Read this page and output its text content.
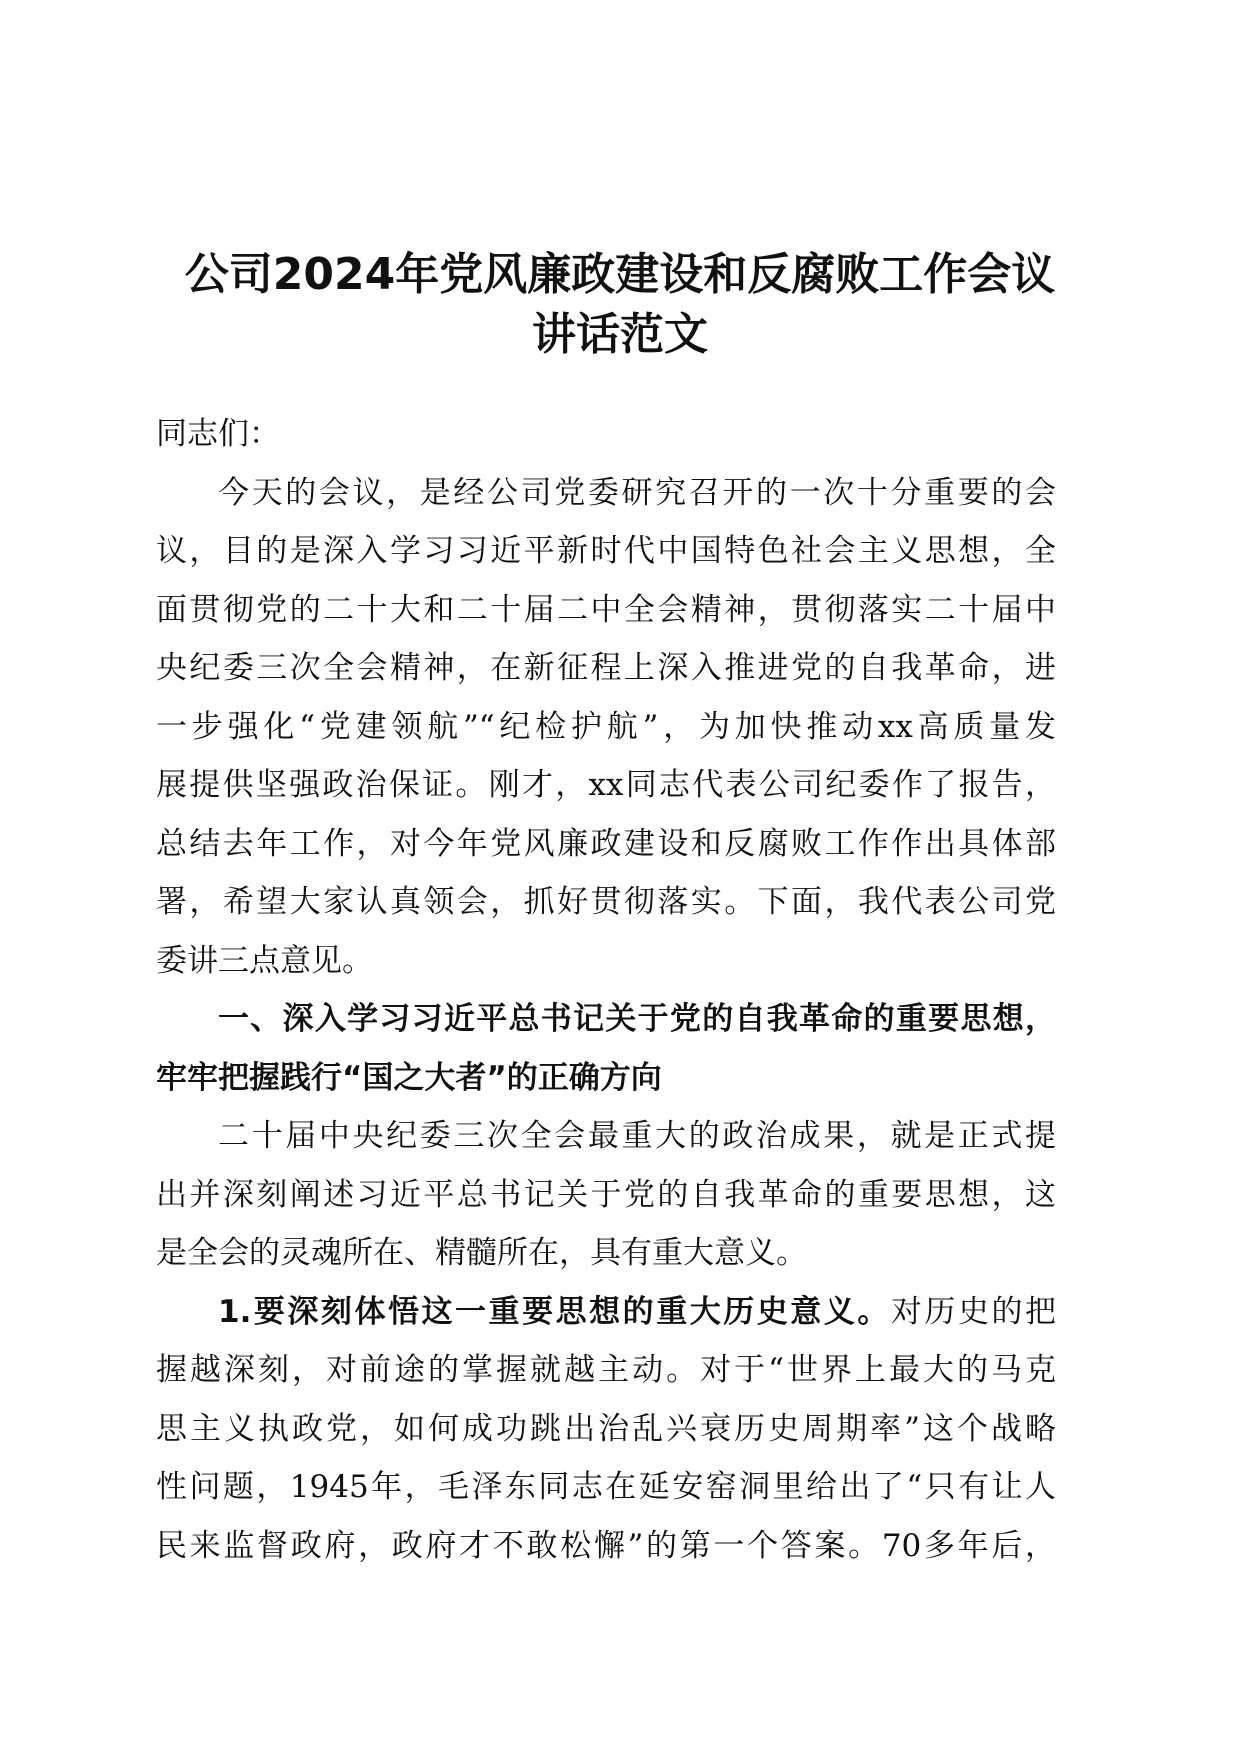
公司2024年党风廉政建设和反腐败工作会议
讲话范文
同志们：
今天的会议，是经公司党委研究召开的一次十分重要的会
议，目的是深入学习习近平新时代中国特色社会主义思想，全
面贯彻党的二十大和二十届二中全会精神，贯彻落实二十届中
央纪委三次全会精神，在新征程上深入推进党的自我革命，进
一步强化“党建领航”“纪检护航”，为加快推动xx高质量发
展提供坚强政治保证。刚才，xx同志代表公司纪委作了报告，
总结去年工作，对今年党风廉政建设和反腐败工作作出具体部
署，希望大家认真领会，抓好贯彻落实。下面，我代表公司党
委讲三点意见。
一、深入学习习近平总书记关于党的自我革命的重要思想，
牢牢把握践行“国之大者”的正确方向
二十届中央纪委三次全会最重大的政治成果，就是正式提
出并深刻阐述习近平总书记关于党的自我革命的重要思想，这
是全会的灵魂所在、精髓所在，具有重大意义。
1.要深刻体悟这一重要思想的重大历史意义。对历史的把
握越深刻，对前途的掌握就越主动。对于“世界上最大的马克
思主义执政党，如何成功跳出治乱兴衰历史周期率”这个战略
性问题，1945年，毛泽东同志在延安窑洞里给出了“只有让人
民来监督政府，政府才不敢松懈”的第一个答案。70多年后，
